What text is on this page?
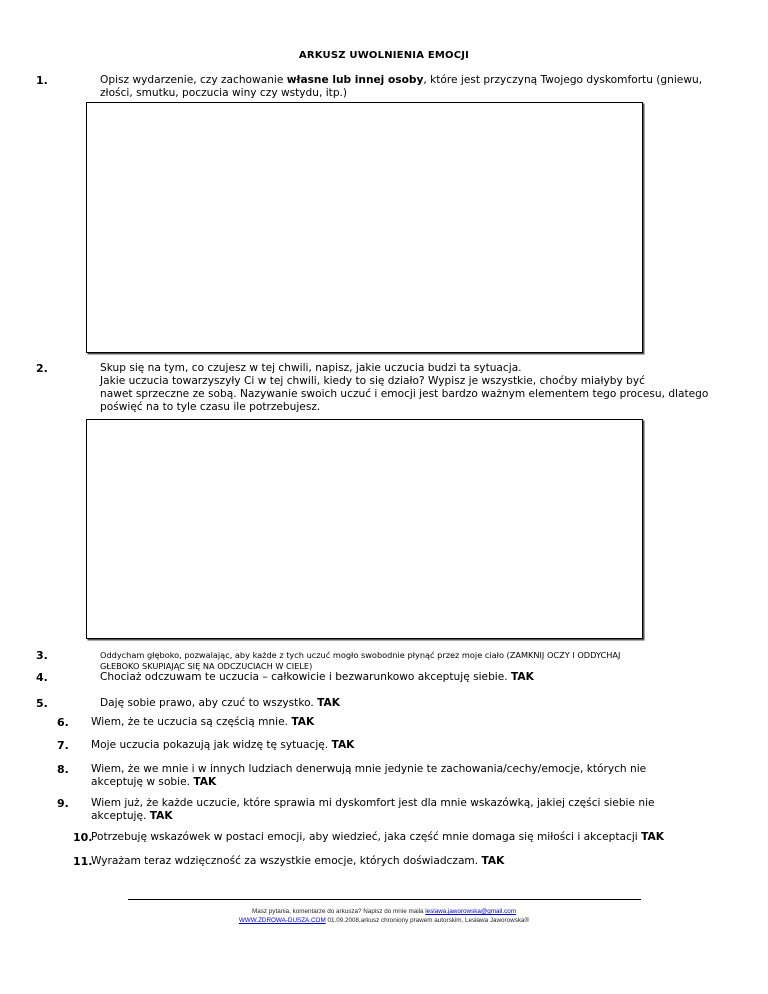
ARKUSZ UWOLNIENIA EMOCJI
1.	Opisz wydarzenie, czy zachowanie własne lub innej osoby, które jest przyczyną Twojego dyskomfortu (gniewu,
złości, smutku, poczucia winy czy wstydu, itp.)
2.	Skup się na tym, co czujesz w tej chwili, napisz, jakie uczucia budzi ta sytuacja.
Jakie uczucia towarzyszyły Ci w tej chwili, kiedy to się działo? Wypisz je wszystkie, choćby miałyby być
nawet sprzeczne ze sobą. Nazywanie swoich uczuć i emocji jest bardzo ważnym elementem tego procesu, dlatego
poświęć na to tyle czasu ile potrzebujesz.
3.	Oddycham głęboko, pozwalając, aby każde z tych uczuć mogło swobodnie płynąć przez moje ciało (ZAMKNIJ OCZY I ODDYCHAJ
GŁEBOKO SKUPIAJĄC SIĘ NA ODCZUCIACH W CIELE)
4.	Chociaż odczuwam te uczucia – całkowicie i bezwarunkowo akceptuję siebie. TAK
5.	Daję sobie prawo, aby czuć to wszystko. TAK
6. Wiem, że te uczucia są częścią mnie. TAK
7. Moje uczucia pokazują jak widzę tę sytuację. TAK
8. Wiem, że we mnie i w innych ludziach denerwują mnie jedynie te zachowania/cechy/emocje, których nie
akceptuję w sobie. TAK
9. Wiem już, że każde uczucie, które sprawia mi dyskomfort jest dla mnie wskazówką, jakiej części siebie nie
akceptuję. TAK
10.
Potrzebuję wskazówek w postaci emocji, aby wiedzieć, jaka część mnie domaga się miłości i akceptacji TAK
11.
Wyrażam teraz wdzięczność za wszystkie emocje, których doświadczam. TAK
Masz pytania, komentarze do arkusza? Napisz do mnie maila leslawa.jaworowska@gmail.com
WWW.ZDROWA-DUSZA.COM 01.09.2008,arkusz chroniony prawem autorskim, Lesława Jaworowska®
